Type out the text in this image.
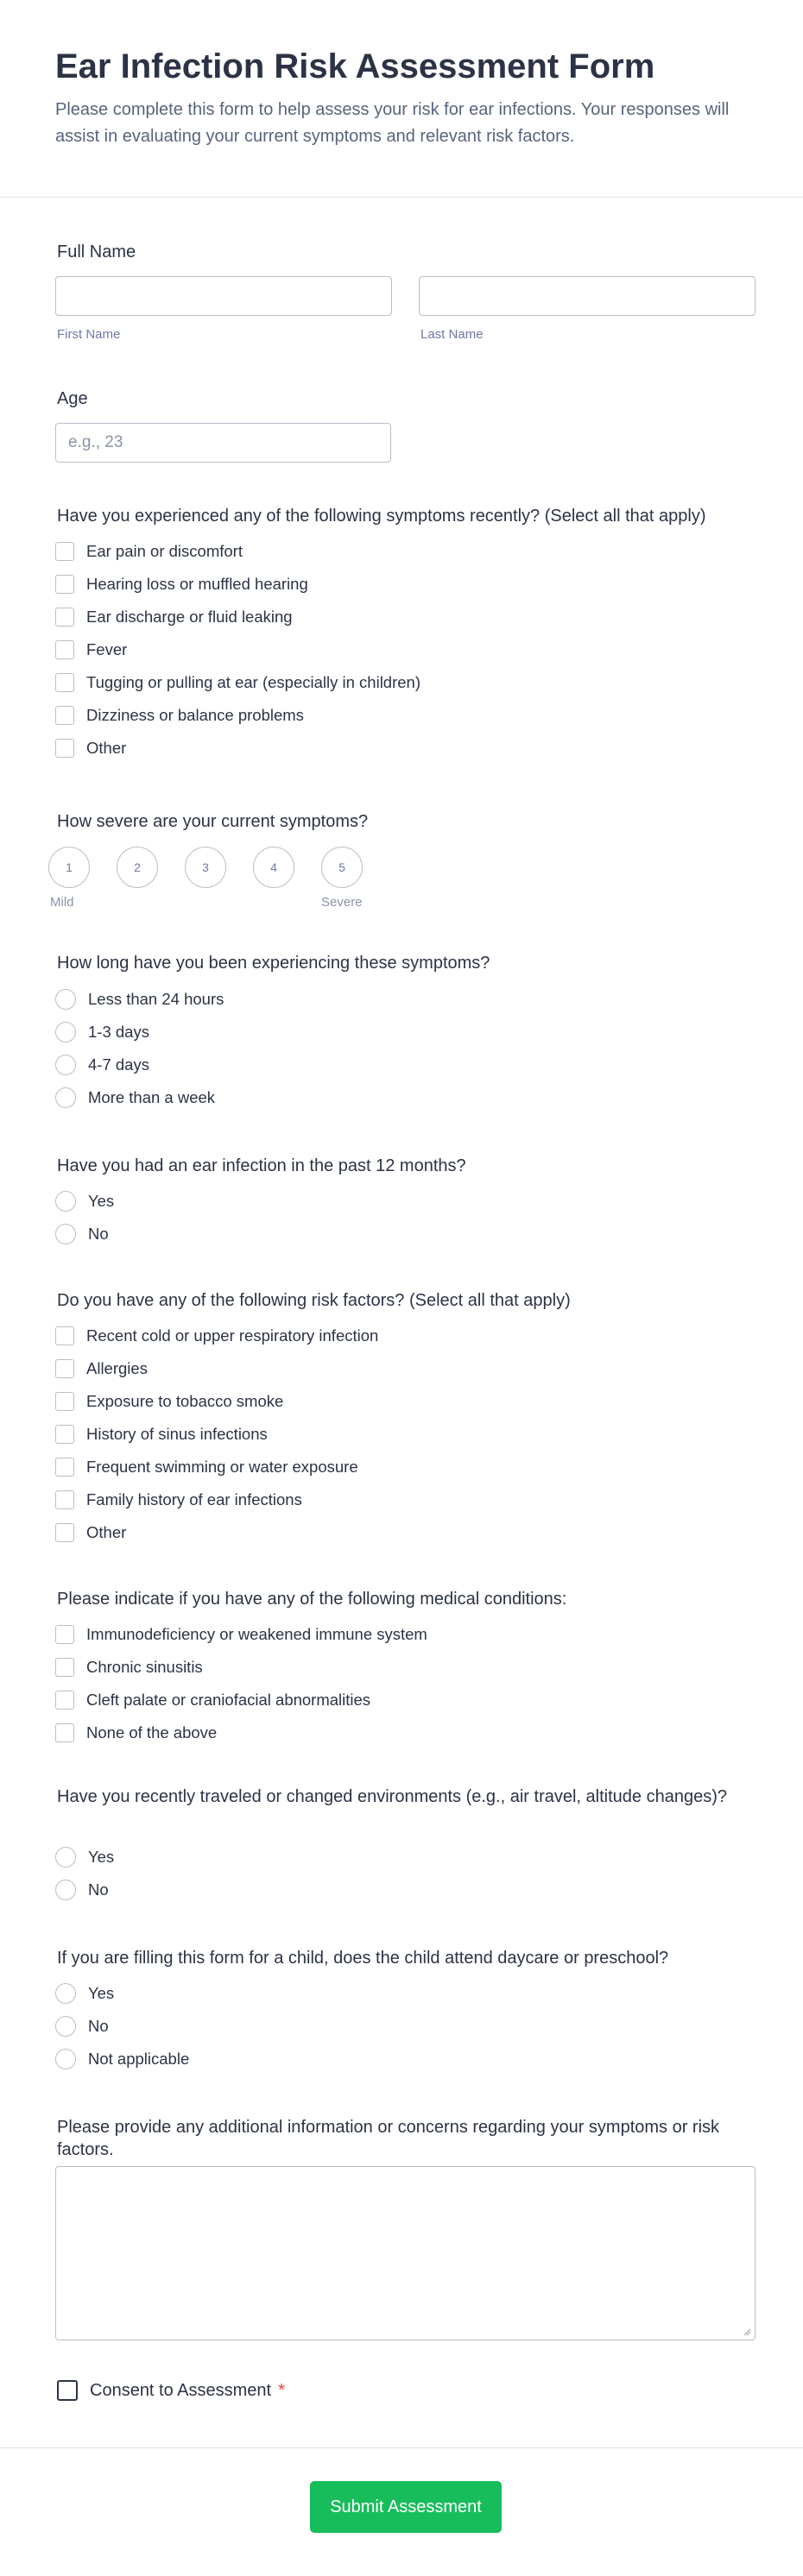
Ear Infection Risk Assessment Form

Please complete this form to help assess your risk for ear infections. Your responses will assist in evaluating your current symptoms and relevant risk factors.

Full Name
First Name	Last Name
Age
e.g., 23
Have you experienced any of the following symptoms recently? (Select all that apply)
Ear pain or discomfort
Hearing loss or muffled hearing
Ear discharge or fluid leaking
Fever
Tugging or pulling at ear (especially in children)
Dizziness or balance problems
Other
How severe are your current symptoms?
1	2	3	4	5
Mild	Severe
How long have you been experiencing these symptoms?
Less than 24 hours
1-3 days
4-7 days
More than a week
Have you had an ear infection in the past 12 months?
Yes
No
Do you have any of the following risk factors? (Select all that apply)
Recent cold or upper respiratory infection
Allergies
Exposure to tobacco smoke
History of sinus infections
Frequent swimming or water exposure
Family history of ear infections
Other
Please indicate if you have any of the following medical conditions:
Immunodeficiency or weakened immune system
Chronic sinusitis
Cleft palate or craniofacial abnormalities
None of the above
Have you recently traveled or changed environments (e.g., air travel, altitude changes)?
Yes
No
If you are filling this form for a child, does the child attend daycare or preschool?
Yes
No
Not applicable
Please provide any additional information or concerns regarding your symptoms or risk factors.
Consent to Assessment *
Submit Assessment
